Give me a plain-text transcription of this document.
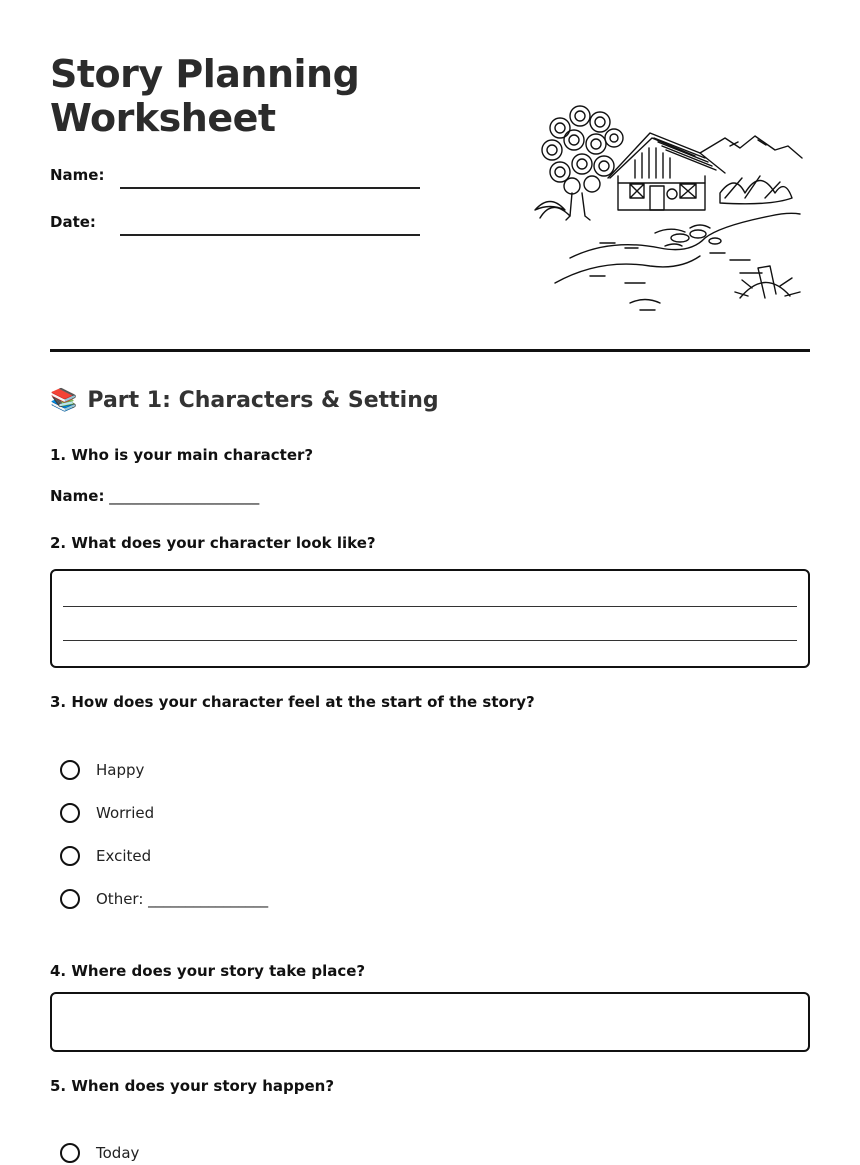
Story Planning
Worksheet
Name:
Date:
📚 Part 1: Characters & Setting
1. Who is your main character?
Name: ____________________
2. What does your character look like?
3. How does your character feel at the start of the story?
Happy
Worried
Excited
Other: ________________
4. Where does your story take place?
5. When does your story happen?
Today
